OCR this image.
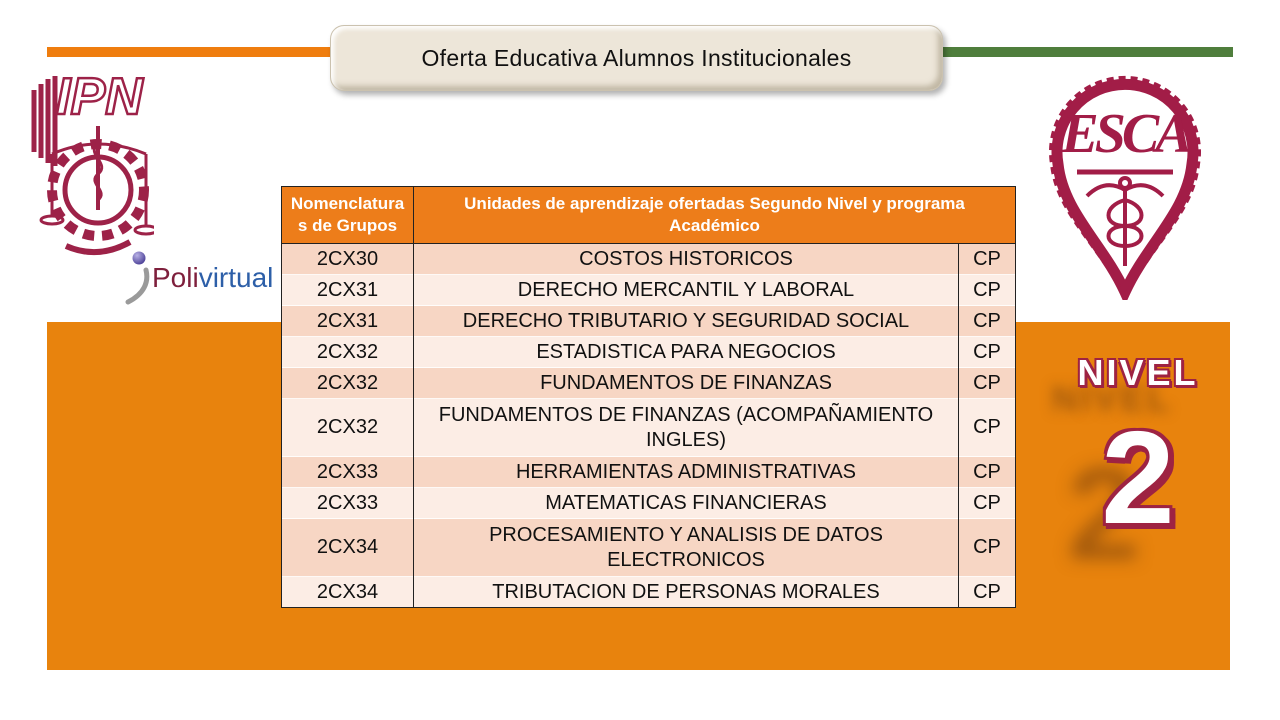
Oferta Educativa Alumnos Institucionales
IPN
Poli virtual
ESCA
Nomenclaturas de Grupos	Unidades de aprendizaje ofertadas Segundo Nivel y programa Académico	
2CX30	COSTOS HISTORICOS	CP
2CX31	DERECHO MERCANTIL Y LABORAL	CP
2CX31	DERECHO TRIBUTARIO Y SEGURIDAD SOCIAL	CP
2CX32	ESTADISTICA PARA NEGOCIOS	CP
2CX32	FUNDAMENTOS DE FINANZAS	CP
2CX32	FUNDAMENTOS DE FINANZAS (ACOMPAÑAMIENTO INGLES)	CP
2CX33	HERRAMIENTAS ADMINISTRATIVAS	CP
2CX33	MATEMATICAS FINANCIERAS	CP
2CX34	PROCESAMIENTO Y ANALISIS DE DATOS ELECTRONICOS	CP
2CX34	TRIBUTACION DE PERSONAS MORALES	CP
NIVEL
2
